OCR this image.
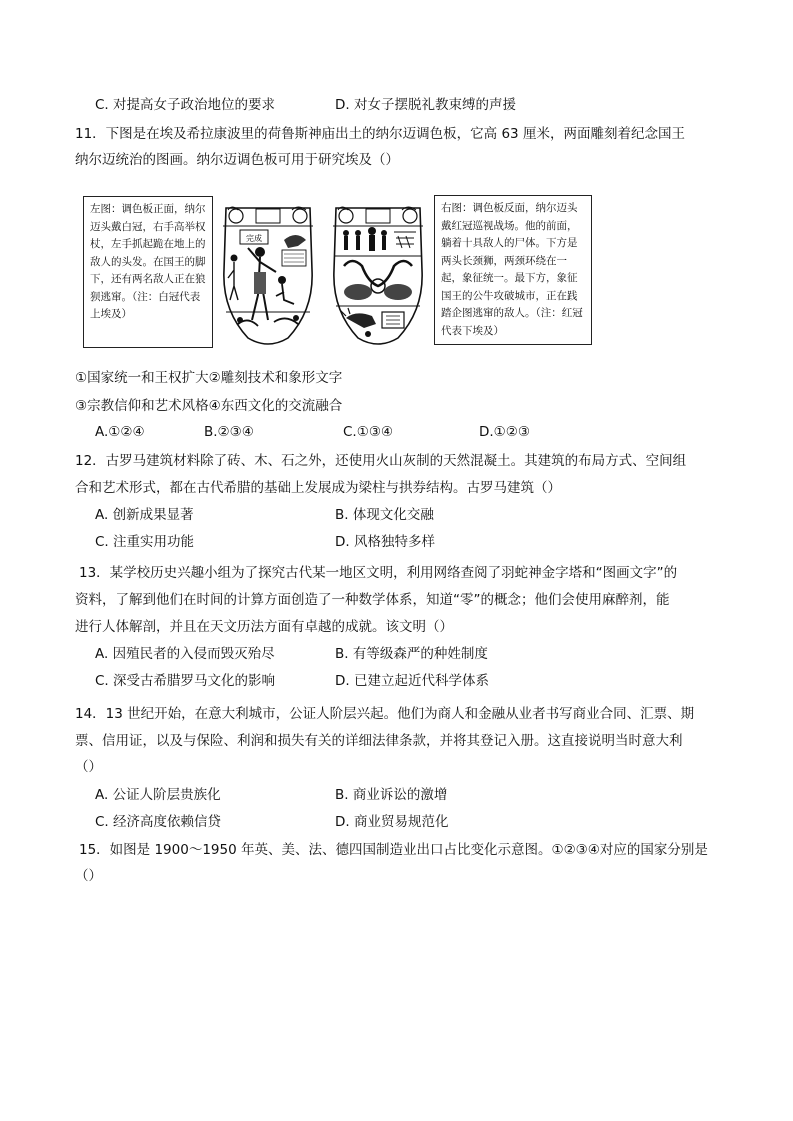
C. 对提高女子政治地位的要求	D. 对女子摆脱礼教束缚的声援
11．下图是在埃及希拉康波里的荷鲁斯神庙出土的纳尔迈调色板，它高 63 厘米，两面雕刻着纪念国王
纳尔迈统治的图画。纳尔迈调色板可用于研究埃及（）
左图：调色板正面，纳尔迈头戴白冠，右手高举权杖，左手抓起跪在地上的敌人的头发。在国王的脚下，还有两名敌人正在狼狈逃窜。（注：白冠代表上埃及）
完成
右图：调色板反面，纳尔迈头戴红冠巡视战场。他的前面，躺着十具敌人的尸体。下方是两头长颈狮，两颈环绕在一起，象征统一。最下方，象征国王的公牛攻破城市，正在践踏企图逃窜的敌人。（注：红冠代表下埃及）
①国家统一和王权扩大②雕刻技术和象形文字
③宗教信仰和艺术风格④东西文化的交流融合
A.①②④	B.②③④	C.①③④	D.①②③
12．古罗马建筑材料除了砖、木、石之外，还使用火山灰制的天然混凝土。其建筑的布局方式、空间组
合和艺术形式，都在古代希腊的基础上发展成为梁柱与拱券结构。古罗马建筑（）
A. 创新成果显著	B. 体现文化交融
C. 注重实用功能	D. 风格独特多样
13．某学校历史兴趣小组为了探究古代某一地区文明，利用网络查阅了羽蛇神金字塔和“图画文字”的
资料，了解到他们在时间的计算方面创造了一种数学体系，知道“零”的概念；他们会使用麻醉剂，能
进行人体解剖，并且在天文历法方面有卓越的成就。该文明（）
A. 因殖民者的入侵而毁灭殆尽	B. 有等级森严的种姓制度
C. 深受古希腊罗马文化的影响	D. 已建立起近代科学体系
14．13 世纪开始，在意大利城市，公证人阶层兴起。他们为商人和金融从业者书写商业合同、汇票、期
票、信用证，以及与保险、利润和损失有关的详细法律条款，并将其登记入册。这直接说明当时意大利
（）
A. 公证人阶层贵族化	B. 商业诉讼的激增
C. 经济高度依赖信贷	D. 商业贸易规范化
15．如图是 1900～1950 年英、美、法、德四国制造业出口占比变化示意图。①②③④对应的国家分别是
（）
